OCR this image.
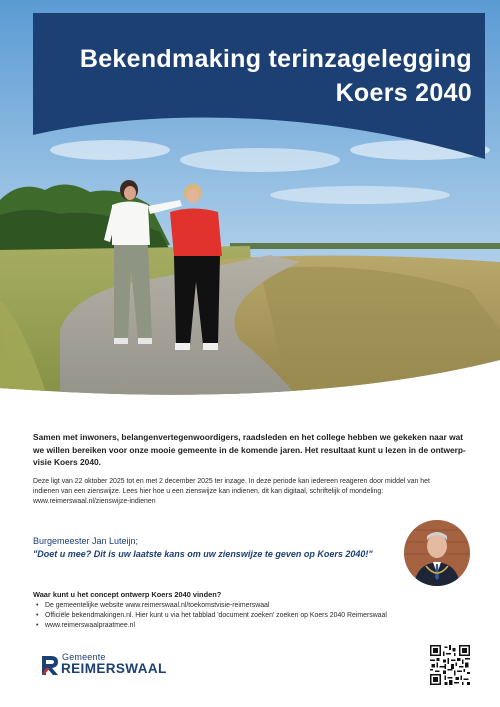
Bekendmaking terinzagelegging
Koers 2040
Samen met inwoners, belangenvertegenwoordigers, raadsleden en het college hebben we gekeken naar wat we willen bereiken voor onze mooie gemeente in de komende jaren. Het resultaat kunt u lezen in de ontwerp-visie Koers 2040.
Deze ligt van 22 oktober 2025 tot en met 2 december 2025 ter inzage. In deze periode kan iedereen reageren door middel van het
indienen van een zienswijze. Lees hier hoe u een zienswijze kan indienen, dit kan digitaal, schriftelijk of mondeling:
www.reimerswaal.nl/zienswijze-indienen
Burgemeester Jan Luteijn;
"Doet u mee? Dit is uw laatste kans om uw zienswijze te geven op Koers 2040!"
Waar kunt u het concept ontwerp Koers 2040 vinden?
• De gemeentelijke website www.reimerswaal.nl/toekomstvisie-reimerswaal
• Officiële bekendmakingen.nl. Hier kunt u via het tabblad 'document zoeken' zoeken op Koers 2040 Reimerswaal
• www.reimerswaalpraatmee.nl
Gemeente
REIMERSWAAL
